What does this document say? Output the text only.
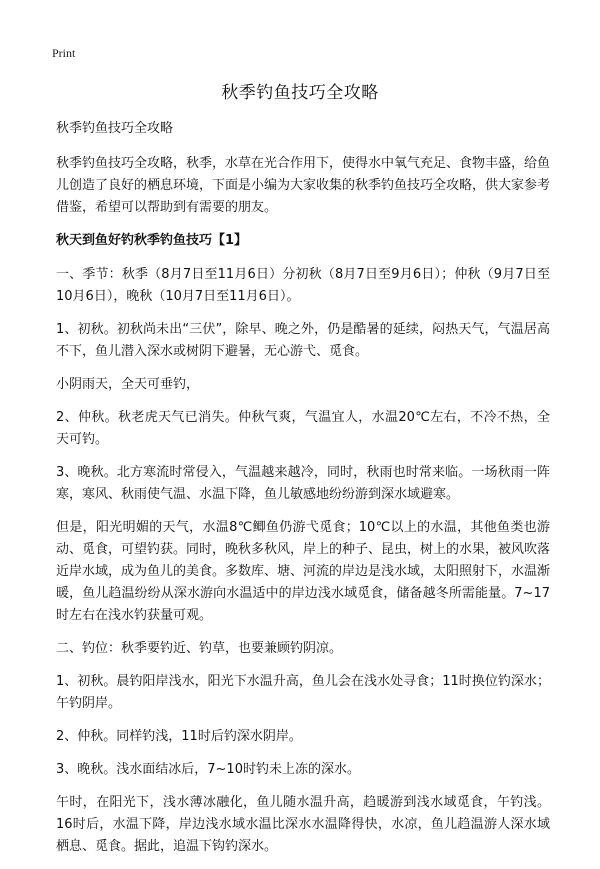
Print
秋季钓鱼技巧全攻略

秋季钓鱼技巧全攻略

秋季钓鱼技巧全攻略，秋季，水草在光合作用下，使得水中氧气充足、食物丰盛，给鱼儿创造了良好的栖息环境，下面是小编为大家收集的秋季钓鱼技巧全攻略，供大家参考借鉴，希望可以帮助到有需要的朋友。

秋天到鱼好钓秋季钓鱼技巧【1】

一、季节：秋季（8月7日至11月6日）分初秋（8月7日至9月6日）；仲秋（9月7日至10月6日），晚秋（10月7日至11月6日）。

1、初秋。初秋尚未出“三伏”，除早、晚之外，仍是酷暑的延续，闷热天气，气温居高不下，鱼儿潜入深水或树阴下避暑，无心游弋、觅食。

小阴雨天，全天可垂钓，

2、仲秋。秋老虎天气已消失。仲秋气爽，气温宜人，水温20℃左右，不冷不热，全天可钓。

3、晚秋。北方寒流时常侵入，气温越来越冷，同时，秋雨也时常来临。一场秋雨一阵寒，寒风、秋雨使气温、水温下降，鱼儿敏感地纷纷游到深水域避寒。

但是，阳光明媚的天气，水温8℃鲫鱼仍游弋觅食；10℃以上的水温，其他鱼类也游动、觅食，可望钓获。同时，晚秋多秋风，岸上的种子、昆虫，树上的水果，被风吹落近岸水域，成为鱼儿的美食。多数库、塘、河流的岸边是浅水域，太阳照射下，水温渐暖，鱼儿趋温纷纷从深水游向水温适中的岸边浅水域觅食，储备越冬所需能量。7~17时左右在浅水钓获量可观。

二、钓位：秋季要钓近、钓草，也要兼顾钓阴凉。

1、初秋。晨钓阳岸浅水，阳光下水温升高，鱼儿会在浅水处寻食；11时换位钓深水；午钓阴岸。

2、仲秋。同样钓浅，11时后钓深水阴岸。

3、晚秋。浅水面结冰后，7~10时钓未上冻的深水。

午时，在阳光下，浅水薄冰融化，鱼儿随水温升高，趋暖游到浅水域觅食，午钓浅。16时后，水温下降，岸边浅水域水温比深水水温降得快，水凉，鱼儿趋温游人深水域栖息、觅食。据此，追温下钩钓深水。
